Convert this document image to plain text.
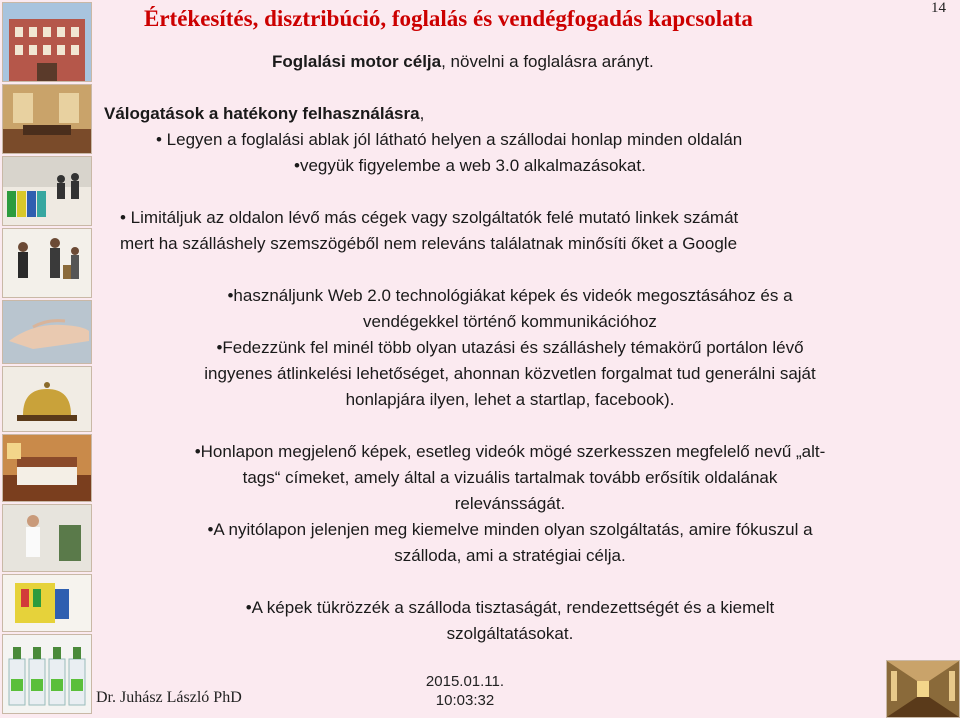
Értékesítés, disztribúció, foglalás és vendégfogadás kapcsolata	14
Foglalási motor célja, növelni a foglalásra arányt.
Válogatások a hatékony felhasználásra,
• Legyen a foglalási ablak jól látható helyen a szállodai honlap minden oldalán
•vegyük figyelembe a web 3.0 alkalmazásokat.
• Limitáljuk az oldalon lévő más cégek vagy szolgáltatók felé mutató linkek számát
mert ha szálláshely szemszögéből nem releváns találatnak minősíti őket a Google
•használjunk Web 2.0 technológiákat képek és videók megosztásához és a
vendégekkel történő kommunikációhoz
•Fedezzünk fel minél több olyan utazási és szálláshely témakörű portálon lévő
ingyenes átlinkelési lehetőséget, ahonnan közvetlen forgalmat tud generálni saját
honlapjára ilyen, lehet a startlap, facebook).
•Honlapon megjelenő képek, esetleg videók mögé szerkesszen megfelelő nevű „alt-
tags“ címeket, amely által a vizuális tartalmak tovább erősítik oldalának
relevánsságát.
•A nyitólapon jelenjen meg kiemelve minden olyan szolgáltatás, amire fókuszul a
szálloda, ami a stratégiai célja.
•A képek tükrözzék a szálloda tisztaságát, rendezettségét és a kiemelt
szolgáltatásokat.
Dr. Juhász László PhD
2015.01.11.
10:03:32
